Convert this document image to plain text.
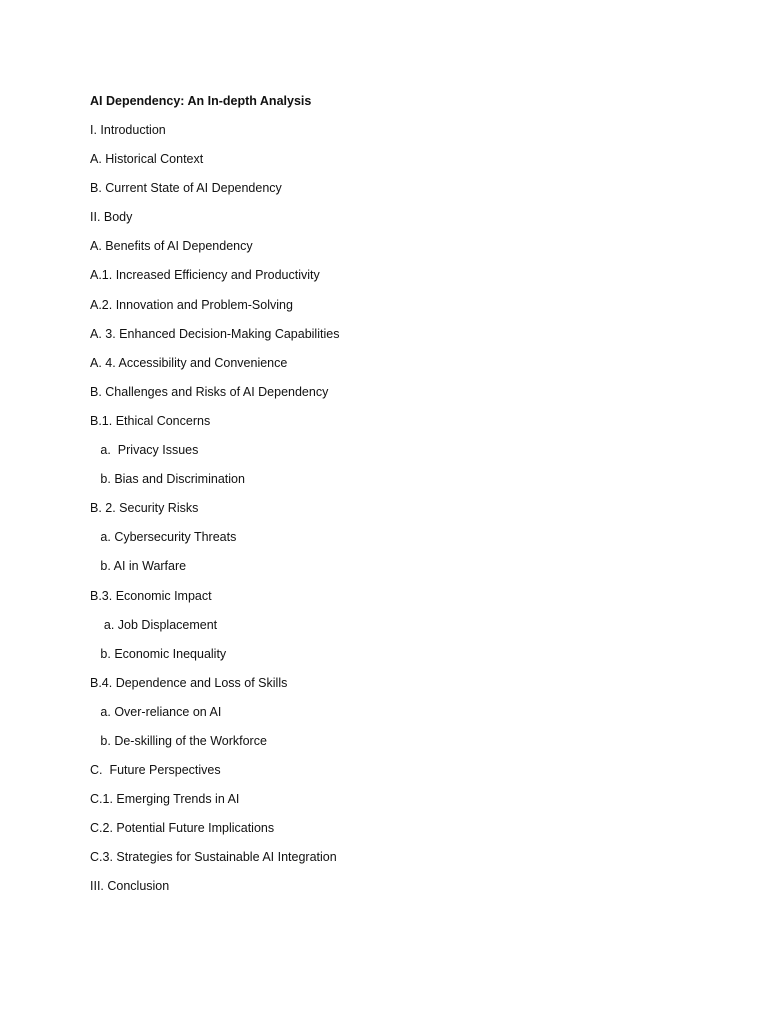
AI Dependency: An In-depth Analysis
I. Introduction
A. Historical Context
B. Current State of AI Dependency
II. Body
A. Benefits of AI Dependency
A.1. Increased Efficiency and Productivity
A.2. Innovation and Problem-Solving
A. 3. Enhanced Decision-Making Capabilities
A. 4. Accessibility and Convenience
B. Challenges and Risks of AI Dependency
B.1. Ethical Concerns
a.  Privacy Issues
b. Bias and Discrimination
B. 2. Security Risks
a. Cybersecurity Threats
b. AI in Warfare
B.3. Economic Impact
a. Job Displacement
b. Economic Inequality
B.4. Dependence and Loss of Skills
a. Over-reliance on AI
b. De-skilling of the Workforce
C.  Future Perspectives
C.1. Emerging Trends in AI
C.2. Potential Future Implications
C.3. Strategies for Sustainable AI Integration
III. Conclusion
